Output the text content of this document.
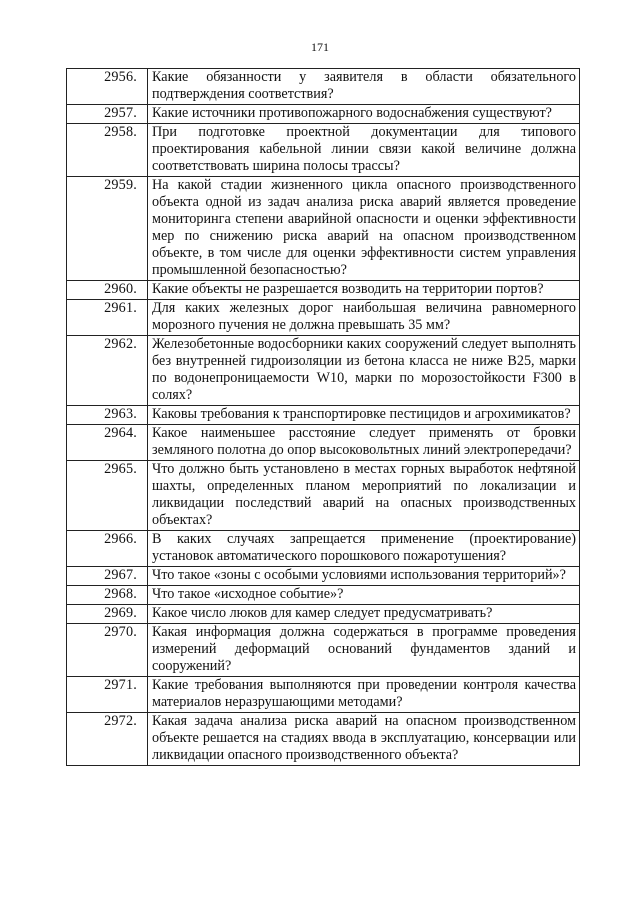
171
2956.	Какие обязанности у заявителя в области обязательного подтверждения соответствия?
2957.	Какие источники противопожарного водоснабжения существуют?
2958.	При подготовке проектной документации для типового проектирования кабельной линии связи какой величине должна соответствовать ширина полосы трассы?
2959.	На какой стадии жизненного цикла опасного производственного объекта одной из задач анализа риска аварий является проведение мониторинга степени аварийной опасности и оценки эффективности мер по снижению риска аварий на опасном производственном объекте, в том числе для оценки эффективности систем управления промышленной безопасностью?
2960.	Какие объекты не разрешается возводить на территории портов?
2961.	Для каких железных дорог наибольшая величина равномерного морозного пучения не должна превышать 35 мм?
2962.	Железобетонные водосборники каких сооружений следует выполнять без внутренней гидроизоляции из бетона класса не ниже В25, марки по водонепроницаемости W10, марки по морозостойкости F300 в солях?
2963.	Каковы требования к транспортировке пестицидов и агрохимикатов?
2964.	Какое наименьшее расстояние следует применять от бровки земляного полотна до опор высоковольтных линий электропередачи?
2965.	Что должно быть установлено в местах горных выработок нефтяной шахты, определенных планом мероприятий по локализации и ликвидации последствий аварий на опасных производственных объектах?
2966.	В каких случаях запрещается применение (проектирование) установок автоматического порошкового пожаротушения?
2967.	Что такое «зоны с особыми условиями использования территорий»?
2968.	Что такое «исходное событие»?
2969.	Какое число люков для камер следует предусматривать?
2970.	Какая информация должна содержаться в программе проведения измерений деформаций оснований фундаментов зданий и сооружений?
2971.	Какие требования выполняются при проведении контроля качества материалов неразрушающими методами?
2972.	Какая задача анализа риска аварий на опасном производственном объекте решается на стадиях ввода в эксплуатацию, консервации или ликвидации опасного производственного объекта?
